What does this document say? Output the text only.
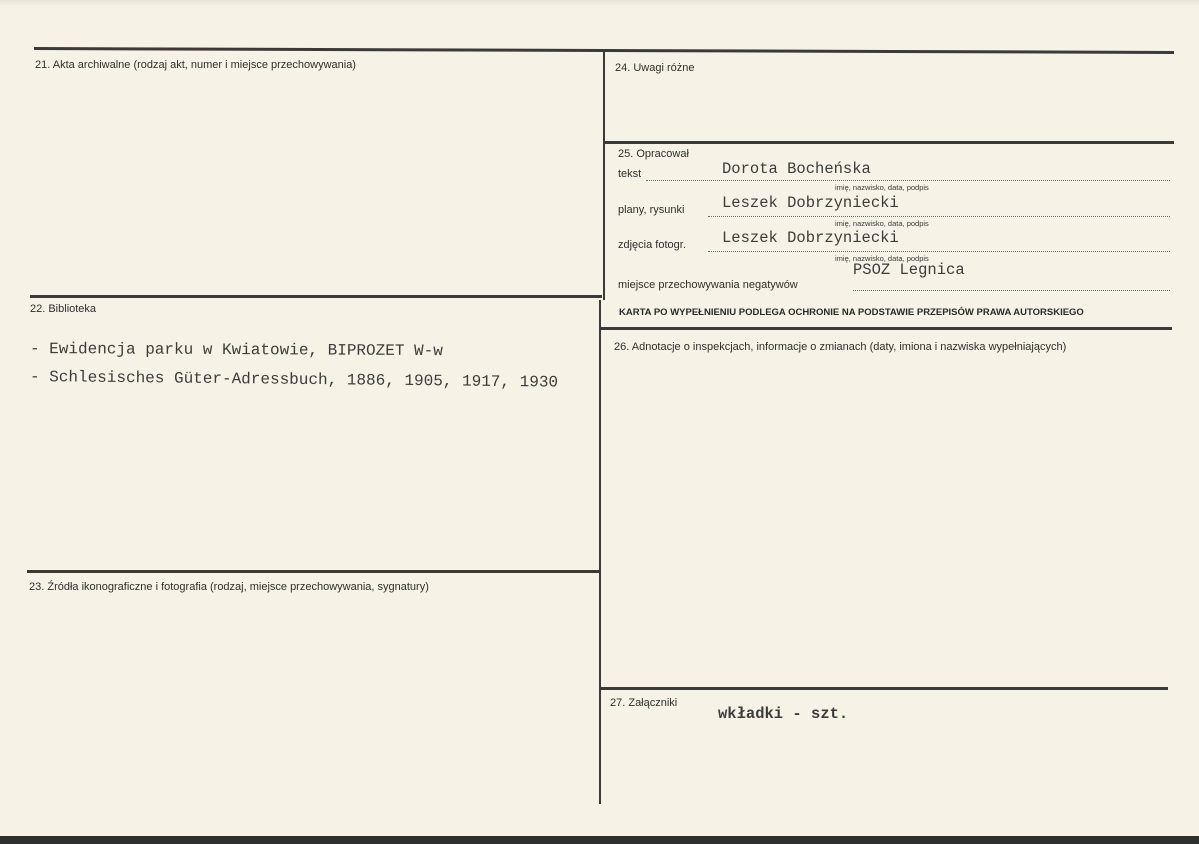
21. Akta archiwalne (rodzaj akt, numer i miejsce przechowywania)	24. Uwagi różne
25. Opracował
tekst	Dorota Bocheńska
imię, nazwisko, data, podpis
plany, rysunki Leszek Dobrzyniecki
imię, nazwisko, data, podpis
zdjęcia fotogr. Leszek Dobrzyniecki
imię, nazwisko, data, podpis
miejsce przechowywania negatywów
PSOZ Legnica
KARTA PO WYPEŁNIENIU PODLEGA OCHRONIE NA PODSTAWIE PRZEPISÓW PRAWA AUTORSKIEGO
22. Biblioteka
- Ewidencja parku w Kwiatowie, BIPROZET W-w
- Schlesisches Güter-Adressbuch, 1886, 1905, 1917, 1930
26. Adnotacje o inspekcjach, informacje o zmianach (daty, imiona i nazwiska wypełniających)
23. Źródła ikonograficzne i fotografia (rodzaj, miejsce przechowywania, sygnatury)
27. Załączniki
wkładki - szt.
